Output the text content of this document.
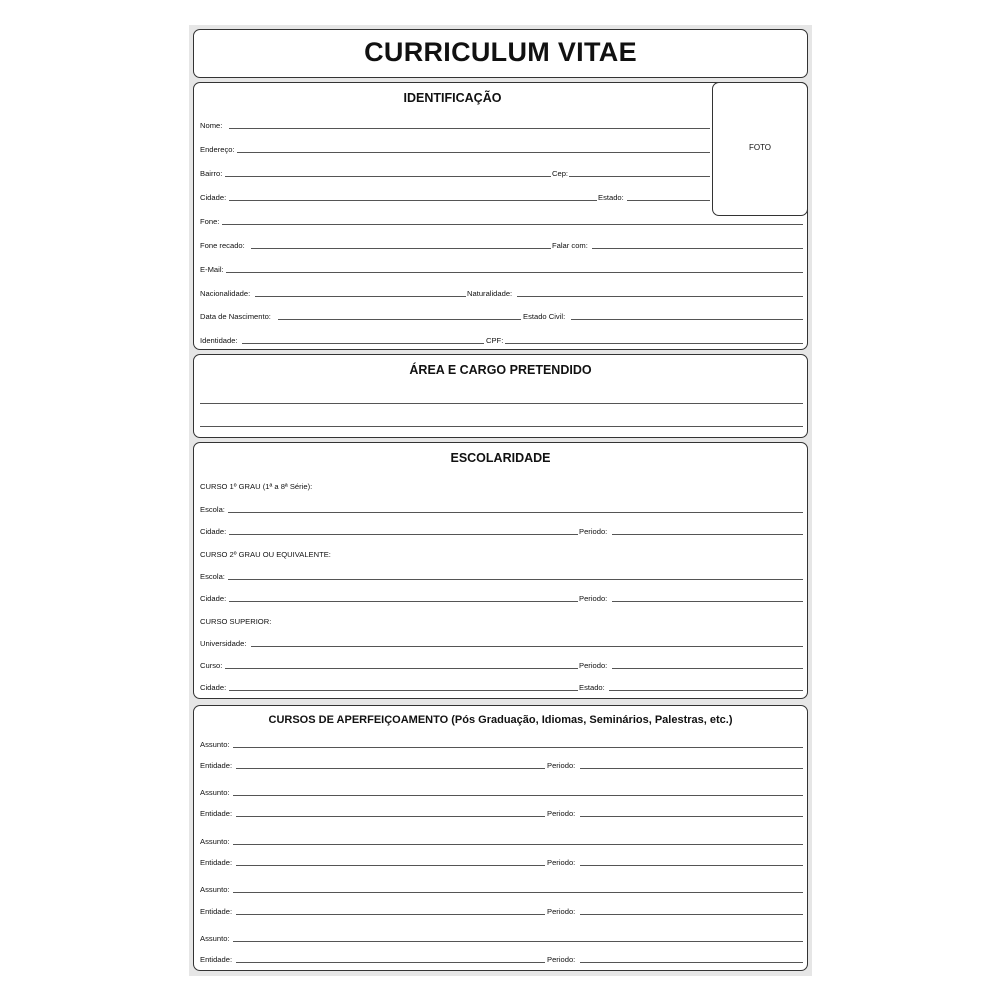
CURRICULUM VITAE
IDENTIFICAÇÃO
Nome:
Endereço:
Bairro:	Cep:
Cidade:	Estado:
Fone:
Fone recado:	Falar com:
E-Mail:
Nacionalidade:	Naturalidade:
Data de Nascimento:	Estado Civil:
Identidade:	CPF:
FOTO
ÁREA E CARGO PRETENDIDO
ESCOLARIDADE
CURSO 1º GRAU (1ª a 8ª Série):
Escola:
Cidade:	Periodo:
CURSO 2º GRAU OU EQUIVALENTE:
Escola:
Cidade:	Periodo:
CURSO SUPERIOR:
Universidade:
Curso:	Periodo:
Cidade:	Estado:
CURSOS DE APERFEIÇOAMENTO (Pós Graduação, Idiomas, Seminários, Palestras, etc.)
Assunto:
Entidade:	Periodo:
Assunto:
Entidade:	Periodo:
Assunto:
Entidade:	Periodo:
Assunto:
Entidade:	Periodo:
Assunto:
Entidade:	Periodo:
